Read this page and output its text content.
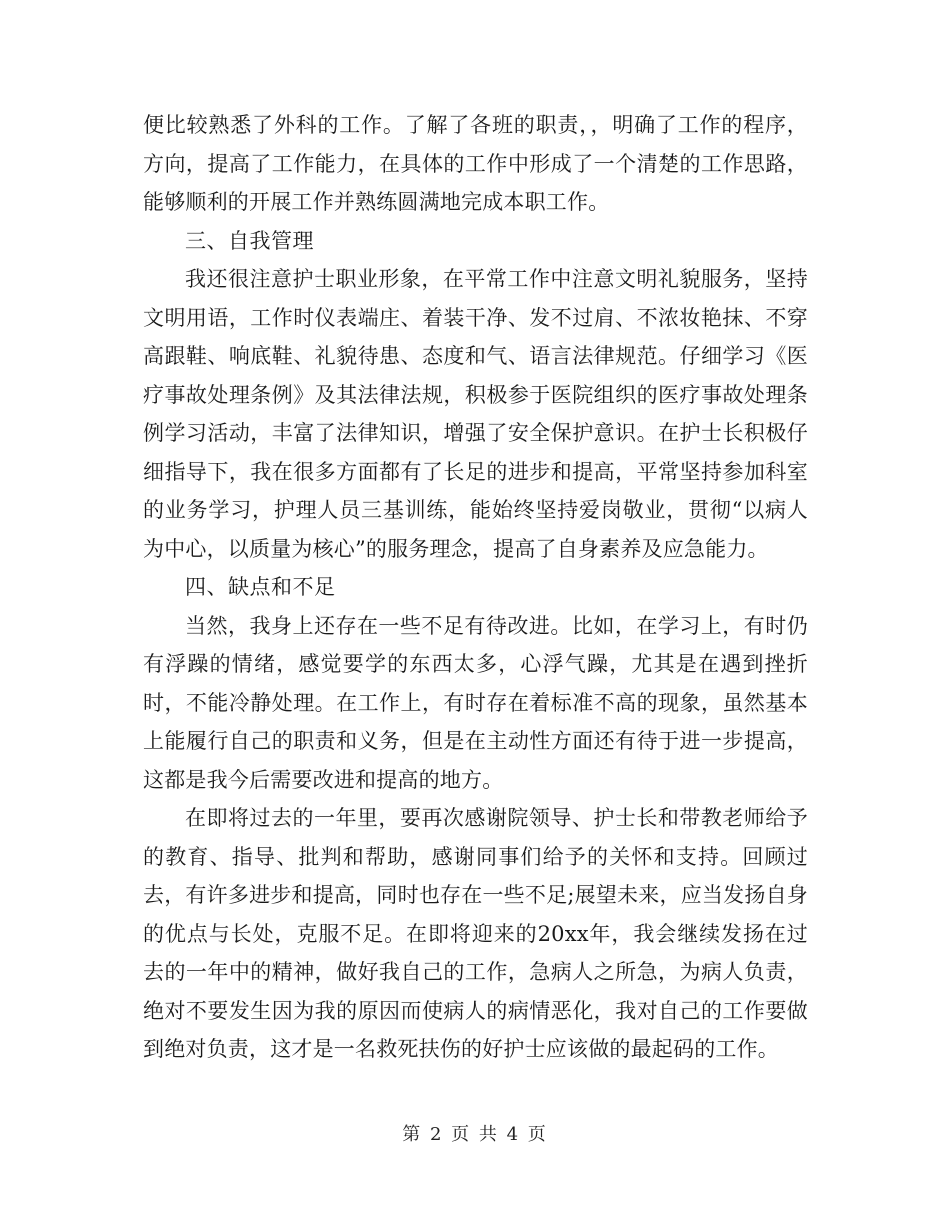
便比较熟悉了外科的工作。了解了各班的职责，，明确了工作的程序，方向，提高了工作能力，在具体的工作中形成了一个清楚的工作思路，能够顺利的开展工作并熟练圆满地完成本职工作。

三、自我管理

我还很注意护士职业形象，在平常工作中注意文明礼貌服务，坚持文明用语，工作时仪表端庄、着装干净、发不过肩、不浓妆艳抹、不穿高跟鞋、响底鞋、礼貌待患、态度和气、语言法律规范。仔细学习《医疗事故处理条例》及其法律法规，积极参于医院组织的医疗事故处理条例学习活动，丰富了法律知识，增强了安全保护意识。在护士长积极仔细指导下，我在很多方面都有了长足的进步和提高，平常坚持参加科室的业务学习，护理人员三基训练，能始终坚持爱岗敬业，贯彻“以病人为中心，以质量为核心”的服务理念，提高了自身素养及应急能力。

四、缺点和不足

当然，我身上还存在一些不足有待改进。比如，在学习上，有时仍有浮躁的情绪，感觉要学的东西太多，心浮气躁，尤其是在遇到挫折时，不能冷静处理。在工作上，有时存在着标准不高的现象，虽然基本上能履行自己的职责和义务，但是在主动性方面还有待于进一步提高，这都是我今后需要改进和提高的地方。

在即将过去的一年里，要再次感谢院领导、护士长和带教老师给予的教育、指导、批判和帮助，感谢同事们给予的关怀和支持。回顾过去，有许多进步和提高，同时也存在一些不足;展望未来，应当发扬自身的优点与长处，克服不足。在即将迎来的20xx年，我会继续发扬在过去的一年中的精神，做好我自己的工作，急病人之所急，为病人负责，绝对不要发生因为我的原因而使病人的病情恶化，我对自己的工作要做到绝对负责，这才是一名救死扶伤的好护士应该做的最起码的工作。

第 2 页 共 4 页
